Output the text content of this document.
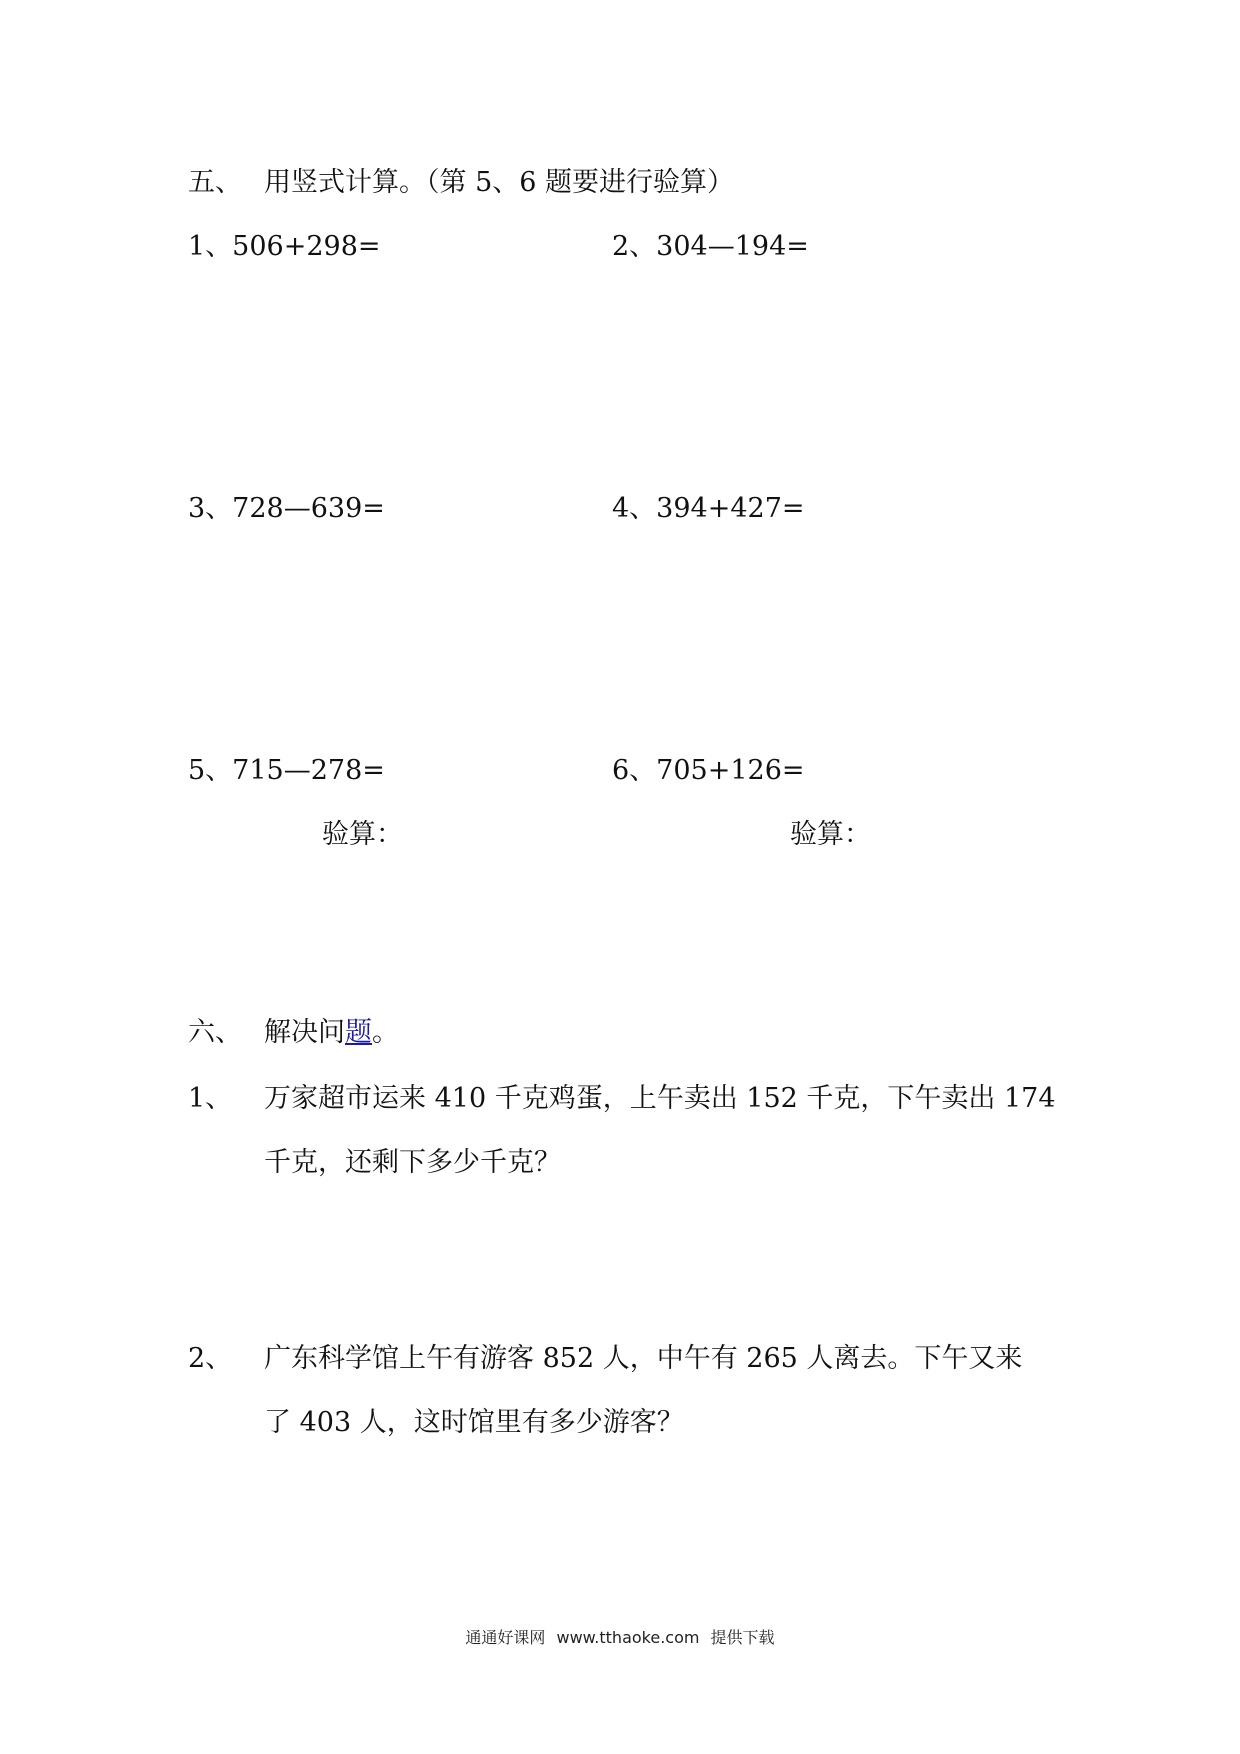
五、 用竖式计算。（第 5、6 题要进行验算）
1、506+298=	2、304—194=
3、728—639=	4、394+427=
5、715—278=	6、705+126=
验算：	验算：
六、 解决问题。
1、 万家超市运来 410 千克鸡蛋，上午卖出 152 千克，下午卖出 174
千克，还剩下多少千克？
2、 广东科学馆上午有游客 852 人，中午有 265 人离去。下午又来
了 403 人，这时馆里有多少游客？
通通好课网 www.tthaoke.com 提供下载
